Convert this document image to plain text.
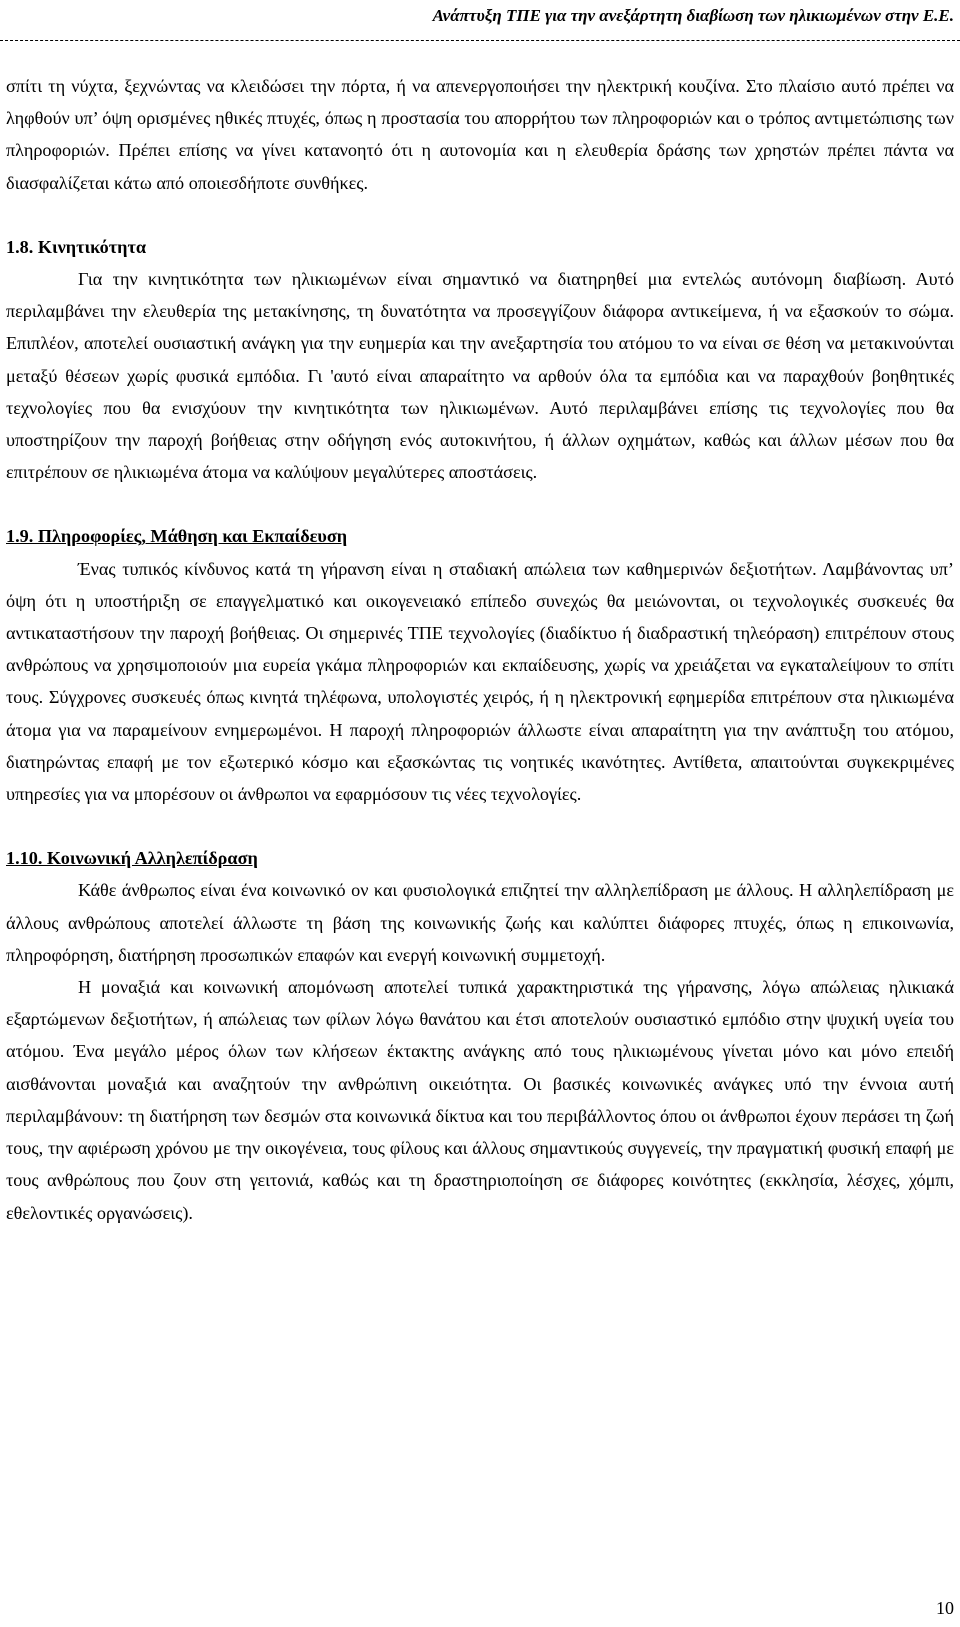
Ανάπτυξη ΤΠΕ για την ανεξάρτητη διαβίωση των ηλικιωμένων στην Ε.Ε.

σπίτι τη νύχτα, ξεχνώντας να κλειδώσει την πόρτα, ή να απενεργοποιήσει την ηλεκτρική κουζίνα. Στο πλαίσιο αυτό πρέπει να ληφθούν υπ’ όψη ορισμένες ηθικές πτυχές, όπως η προστασία του απορρήτου των πληροφοριών και ο τρόπος αντιμετώπισης των πληροφοριών. Πρέπει επίσης να γίνει κατανοητό ότι η αυτονομία και η ελευθερία δράσης των χρηστών πρέπει πάντα να διασφαλίζεται κάτω από οποιεσδήποτε συνθήκες.

1.8. Κινητικότητα

Για την κινητικότητα των ηλικιωμένων είναι σημαντικό να διατηρηθεί μια εντελώς αυτόνομη διαβίωση. Αυτό περιλαμβάνει την ελευθερία της μετακίνησης, τη δυνατότητα να προσεγγίζουν διάφορα αντικείμενα, ή να εξασκούν το σώμα. Επιπλέον, αποτελεί ουσιαστική ανάγκη για την ευημερία και την ανεξαρτησία του ατόμου το να είναι σε θέση να μετακινούνται μεταξύ θέσεων χωρίς φυσικά εμπόδια. Γι 'αυτό είναι απαραίτητο να αρθούν όλα τα εμπόδια και να παραχθούν βοηθητικές τεχνολογίες που θα ενισχύουν την κινητικότητα των ηλικιωμένων. Αυτό περιλαμβάνει επίσης τις τεχνολογίες που θα υποστηρίζουν την παροχή βοήθειας στην οδήγηση ενός αυτοκινήτου, ή άλλων οχημάτων, καθώς και άλλων μέσων που θα επιτρέπουν σε ηλικιωμένα άτομα να καλύψουν μεγαλύτερες αποστάσεις.

1.9. Πληροφορίες, Μάθηση και Εκπαίδευση

Ένας τυπικός κίνδυνος κατά τη γήρανση είναι η σταδιακή απώλεια των καθημερινών δεξιοτήτων. Λαμβάνοντας υπ’ όψη ότι η υποστήριξη σε επαγγελματικό και οικογενειακό επίπεδο συνεχώς θα μειώνονται, οι τεχνολογικές συσκευές θα αντικαταστήσουν την παροχή βοήθειας. Οι σημερινές ΤΠΕ τεχνολογίες (διαδίκτυο ή διαδραστική τηλεόραση) επιτρέπουν στους ανθρώπους να χρησιμοποιούν μια ευρεία γκάμα πληροφοριών και εκπαίδευσης, χωρίς να χρειάζεται να εγκαταλείψουν το σπίτι τους. Σύγχρονες συσκευές όπως κινητά τηλέφωνα, υπολογιστές χειρός, ή η ηλεκτρονική εφημερίδα επιτρέπουν στα ηλικιωμένα άτομα για να παραμείνουν ενημερωμένοι. Η παροχή πληροφοριών άλλωστε είναι απαραίτητη για την ανάπτυξη του ατόμου, διατηρώντας επαφή με τον εξωτερικό κόσμο και εξασκώντας τις νοητικές ικανότητες. Αντίθετα, απαιτούνται συγκεκριμένες υπηρεσίες για να μπορέσουν οι άνθρωποι να εφαρμόσουν τις νέες τεχνολογίες.

1.10. Κοινωνική Αλληλεπίδραση

Κάθε άνθρωπος είναι ένα κοινωνικό ον και φυσιολογικά επιζητεί την αλληλεπίδραση με άλλους. Η αλληλεπίδραση με άλλους ανθρώπους αποτελεί άλλωστε τη βάση της κοινωνικής ζωής και καλύπτει διάφορες πτυχές, όπως η επικοινωνία, πληροφόρηση, διατήρηση προσωπικών επαφών και ενεργή κοινωνική συμμετοχή.

Η μοναξιά και κοινωνική απομόνωση αποτελεί τυπικά χαρακτηριστικά της γήρανσης, λόγω απώλειας ηλικιακά εξαρτώμενων δεξιοτήτων, ή απώλειας των φίλων λόγω θανάτου και έτσι αποτελούν ουσιαστικό εμπόδιο στην ψυχική υγεία του ατόμου. Ένα μεγάλο μέρος όλων των κλήσεων έκτακτης ανάγκης από τους ηλικιωμένους γίνεται μόνο και μόνο επειδή αισθάνονται μοναξιά και αναζητούν την ανθρώπινη οικειότητα. Οι βασικές κοινωνικές ανάγκες υπό την έννοια αυτή περιλαμβάνουν: τη διατήρηση των δεσμών στα κοινωνικά δίκτυα και του περιβάλλοντος όπου οι άνθρωποι έχουν περάσει τη ζωή τους, την αφιέρωση χρόνου με την οικογένεια, τους φίλους και άλλους σημαντικούς συγγενείς, την πραγματική φυσική επαφή με τους ανθρώπους που ζουν στη γειτονιά, καθώς και τη δραστηριοποίηση σε διάφορες κοινότητες (εκκλησία, λέσχες, χόμπι, εθελοντικές οργανώσεις).

10
